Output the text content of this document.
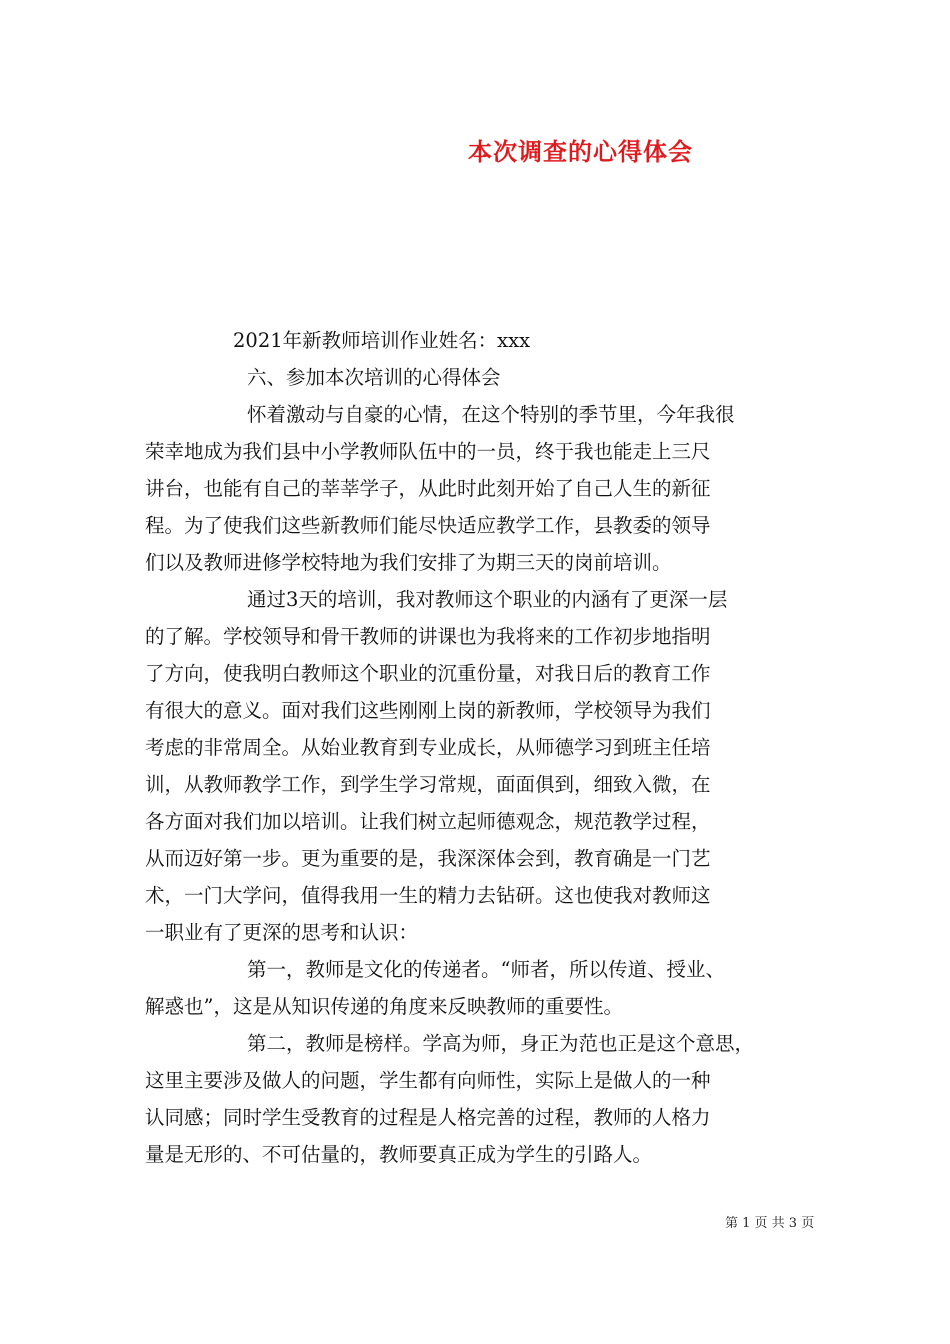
本次调查的心得体会
2021年新教师培训作业姓名：xxx
六、参加本次培训的心得体会
怀着激动与自豪的心情，在这个特别的季节里，今年我很
荣幸地成为我们县中小学教师队伍中的一员，终于我也能走上三尺
讲台，也能有自己的莘莘学子，从此时此刻开始了自己人生的新征
程。为了使我们这些新教师们能尽快适应教学工作，县教委的领导
们以及教师进修学校特地为我们安排了为期三天的岗前培训。
通过3天的培训，我对教师这个职业的内涵有了更深一层
的了解。学校领导和骨干教师的讲课也为我将来的工作初步地指明
了方向，使我明白教师这个职业的沉重份量，对我日后的教育工作
有很大的意义。面对我们这些刚刚上岗的新教师，学校领导为我们
考虑的非常周全。从始业教育到专业成长，从师德学习到班主任培
训，从教师教学工作，到学生学习常规，面面俱到，细致入微，在
各方面对我们加以培训。让我们树立起师德观念，规范教学过程，
从而迈好第一步。更为重要的是，我深深体会到，教育确是一门艺
术，一门大学问，值得我用一生的精力去钻研。这也使我对教师这
一职业有了更深的思考和认识：
第一，教师是文化的传递者。“师者，所以传道、授业、
解惑也”，这是从知识传递的角度来反映教师的重要性。
第二，教师是榜样。学高为师，身正为范也正是这个意思，
这里主要涉及做人的问题，学生都有向师性，实际上是做人的一种
认同感；同时学生受教育的过程是人格完善的过程，教师的人格力
量是无形的、不可估量的，教师要真正成为学生的引路人。
第 1 页 共 3 页
